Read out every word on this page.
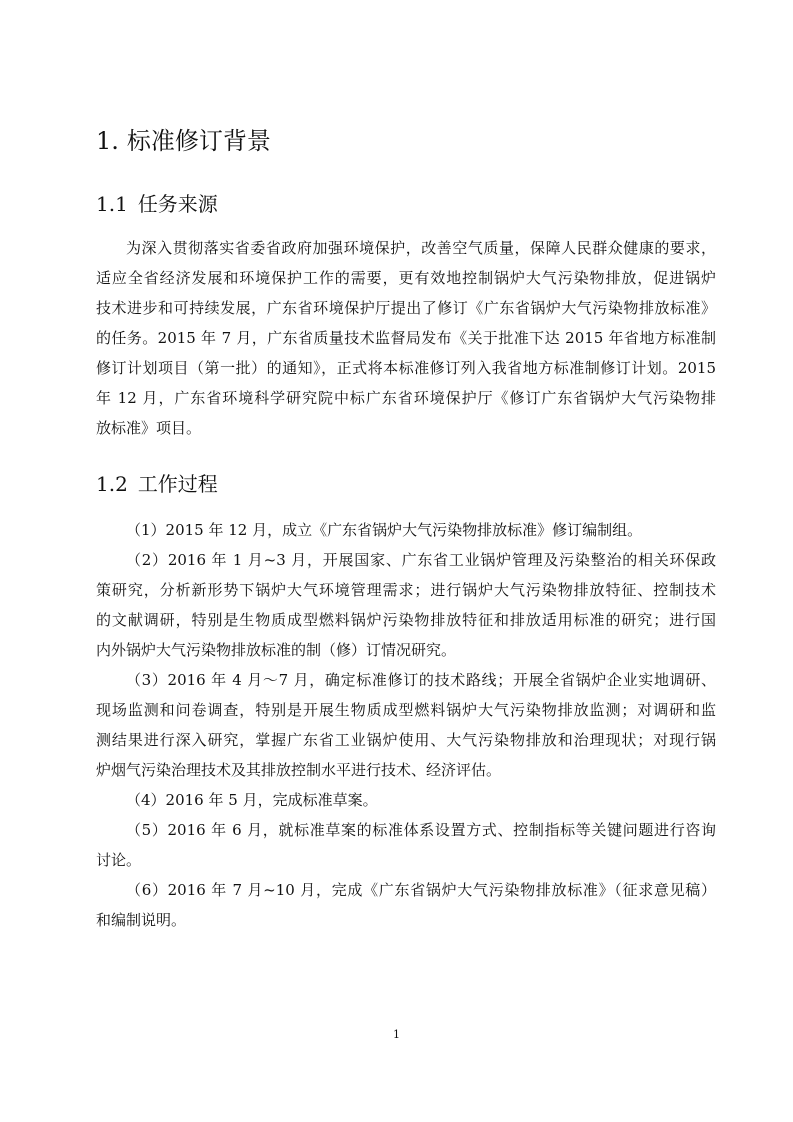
1. 标准修订背景
1.1 任务来源
为深入贯彻落实省委省政府加强环境保护，改善空气质量，保障人民群众健康的要求，
适应全省经济发展和环境保护工作的需要，更有效地控制锅炉大气污染物排放，促进锅炉
技术进步和可持续发展，广东省环境保护厅提出了修订《广东省锅炉大气污染物排放标准》
的任务。2015 年 7 月，广东省质量技术监督局发布《关于批准下达 2015 年省地方标准制
修订计划项目（第一批）的通知》，正式将本标准修订列入我省地方标准制修订计划。2015
年 12 月，广东省环境科学研究院中标广东省环境保护厅《修订广东省锅炉大气污染物排
放标准》项目。
1.2 工作过程
（1）2015 年 12 月，成立《广东省锅炉大气污染物排放标准》修订编制组。
（2）2016 年 1 月~3 月，开展国家、广东省工业锅炉管理及污染整治的相关环保政
策研究，分析新形势下锅炉大气环境管理需求；进行锅炉大气污染物排放特征、控制技术
的文献调研，特别是生物质成型燃料锅炉污染物排放特征和排放适用标准的研究；进行国
内外锅炉大气污染物排放标准的制（修）订情况研究。
（3）2016 年 4 月～7 月，确定标准修订的技术路线；开展全省锅炉企业实地调研、
现场监测和问卷调查，特别是开展生物质成型燃料锅炉大气污染物排放监测；对调研和监
测结果进行深入研究，掌握广东省工业锅炉使用、大气污染物排放和治理现状；对现行锅
炉烟气污染治理技术及其排放控制水平进行技术、经济评估。
（4）2016 年 5 月，完成标准草案。
（5）2016 年 6 月，就标准草案的标准体系设置方式、控制指标等关键问题进行咨询
讨论。
（6）2016 年 7 月~10 月，完成《广东省锅炉大气污染物排放标准》（征求意见稿）
和编制说明。
1
